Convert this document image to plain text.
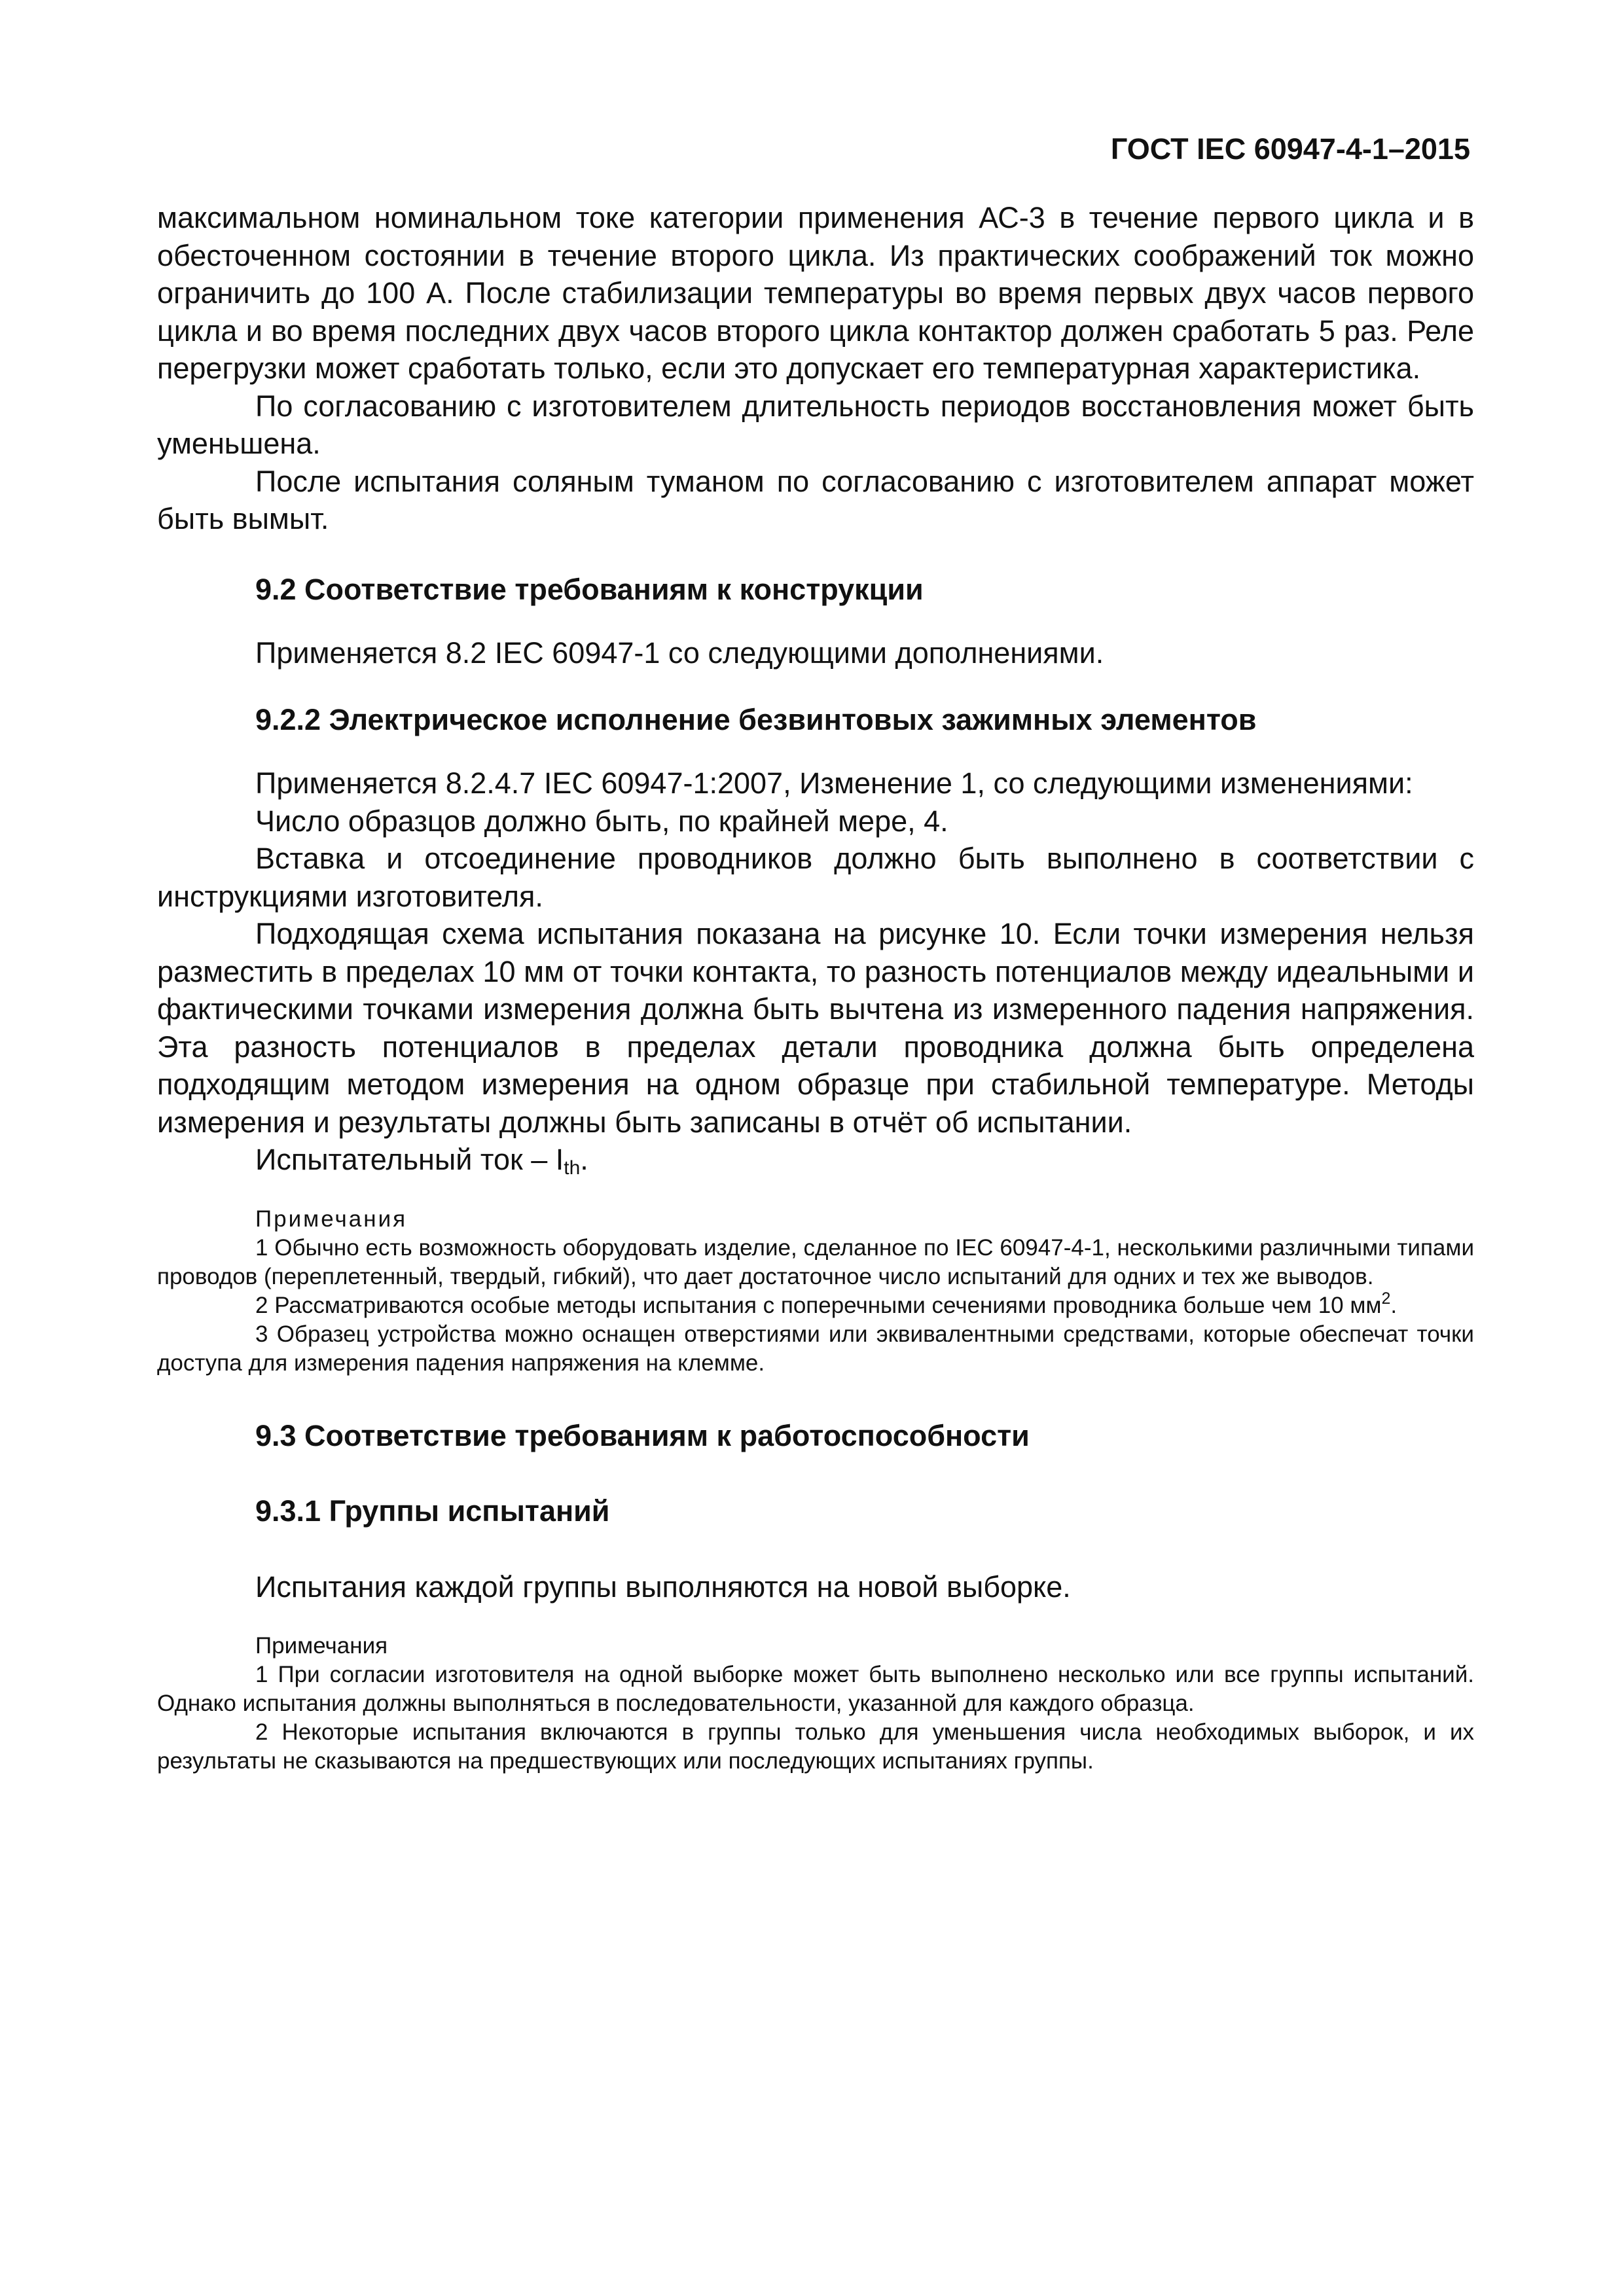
ГОСТ IEC 60947-4-1–2015

максимальном номинальном токе категории применения АС-3 в течение первого цикла и в обесточенном состоянии в течение второго цикла. Из практических соображений ток можно ограничить до 100 А. После стабилизации температуры во время первых двух часов первого цикла и во время последних двух часов второго цикла контактор должен сработать 5 раз. Реле перегрузки может сработать только, если это допускает его температурная характеристика.

По согласованию с изготовителем длительность периодов восстановления может быть уменьшена.

После испытания соляным туманом по согласованию с изготовителем аппарат может быть вымыт.

9.2 Соответствие требованиям к конструкции

Применяется 8.2 IEC 60947-1 со следующими дополнениями.

9.2.2 Электрическое исполнение безвинтовых зажимных элементов

Применяется 8.2.4.7 IEC 60947-1:2007, Изменение 1, со следующими изменениями:

Число образцов должно быть, по крайней мере, 4.

Вставка и отсоединение проводников должно быть выполнено в соответствии с инструкциями изготовителя.

Подходящая схема испытания показана на рисунке 10. Если точки измерения нельзя разместить в пределах 10 мм от точки контакта, то разность потенциалов между идеальными и фактическими точками измерения должна быть вычтена из измеренного падения напряжения. Эта разность потенциалов в пределах детали проводника должна быть определена подходящим методом измерения на одном образце при стабильной температуре. Методы измерения и результаты должны быть записаны в отчёт об испытании.

Испытательный ток – $I_{th}$.

Примечания

1 Обычно есть возможность оборудовать изделие, сделанное по IEC 60947-4-1, несколькими различными типами проводов (переплетенный, твердый, гибкий), что дает достаточное число испытаний для одних и тех же выводов.

2 Рассматриваются особые методы испытания с поперечными сечениями проводника больше чем 10 $мм^2$.

3 Образец устройства можно оснащен отверстиями или эквивалентными средствами, которые обеспечат точки доступа для измерения падения напряжения на клемме.

9.3 Соответствие требованиям к работоспособности
9.3.1 Группы испытаний

Испытания каждой группы выполняются на новой выборке.

Примечания

1 При согласии изготовителя на одной выборке может быть выполнено несколько или все группы испытаний. Однако испытания должны выполняться в последовательности, указанной для каждого образца.

2 Некоторые испытания включаются в группы только для уменьшения числа необходимых выборок, и их результаты не сказываются на предшествующих или последующих испытаниях группы.
